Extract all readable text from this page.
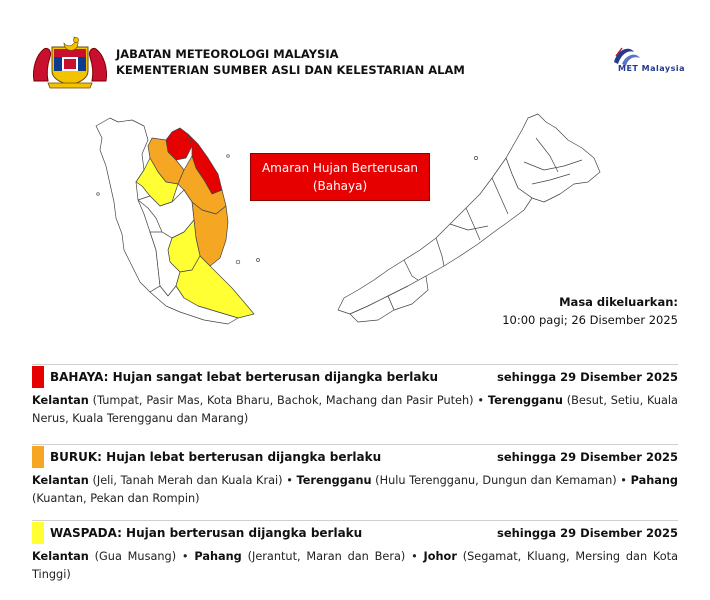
JABATAN METEOROLOGI MALAYSIA
KEMENTERIAN SUMBER ASLI DAN KELESTARIAN ALAM	MET Malaysia
Amaran Hujan Berterusan
(Bahaya)
Masa dikeluarkan:
10:00 pagi; 26 Disember 2025
BAHAYA: Hujan sangat lebat berterusan dijangka berlaku	sehingga 29 Disember 2025
Kelantan (Tumpat, Pasir Mas, Kota Bharu, Bachok, Machang dan Pasir Puteh) • Terengganu (Besut, Setiu, Kuala Nerus, Kuala Terengganu dan Marang)
BURUK: Hujan lebat berterusan dijangka berlaku	sehingga 29 Disember 2025
Kelantan (Jeli, Tanah Merah dan Kuala Krai) • Terengganu (Hulu Terengganu, Dungun dan Kemaman) • Pahang (Kuantan, Pekan dan Rompin)
WASPADA: Hujan berterusan dijangka berlaku	sehingga 29 Disember 2025
Kelantan (Gua Musang) • Pahang (Jerantut, Maran dan Bera) • Johor (Segamat, Kluang, Mersing dan Kota Tinggi)
